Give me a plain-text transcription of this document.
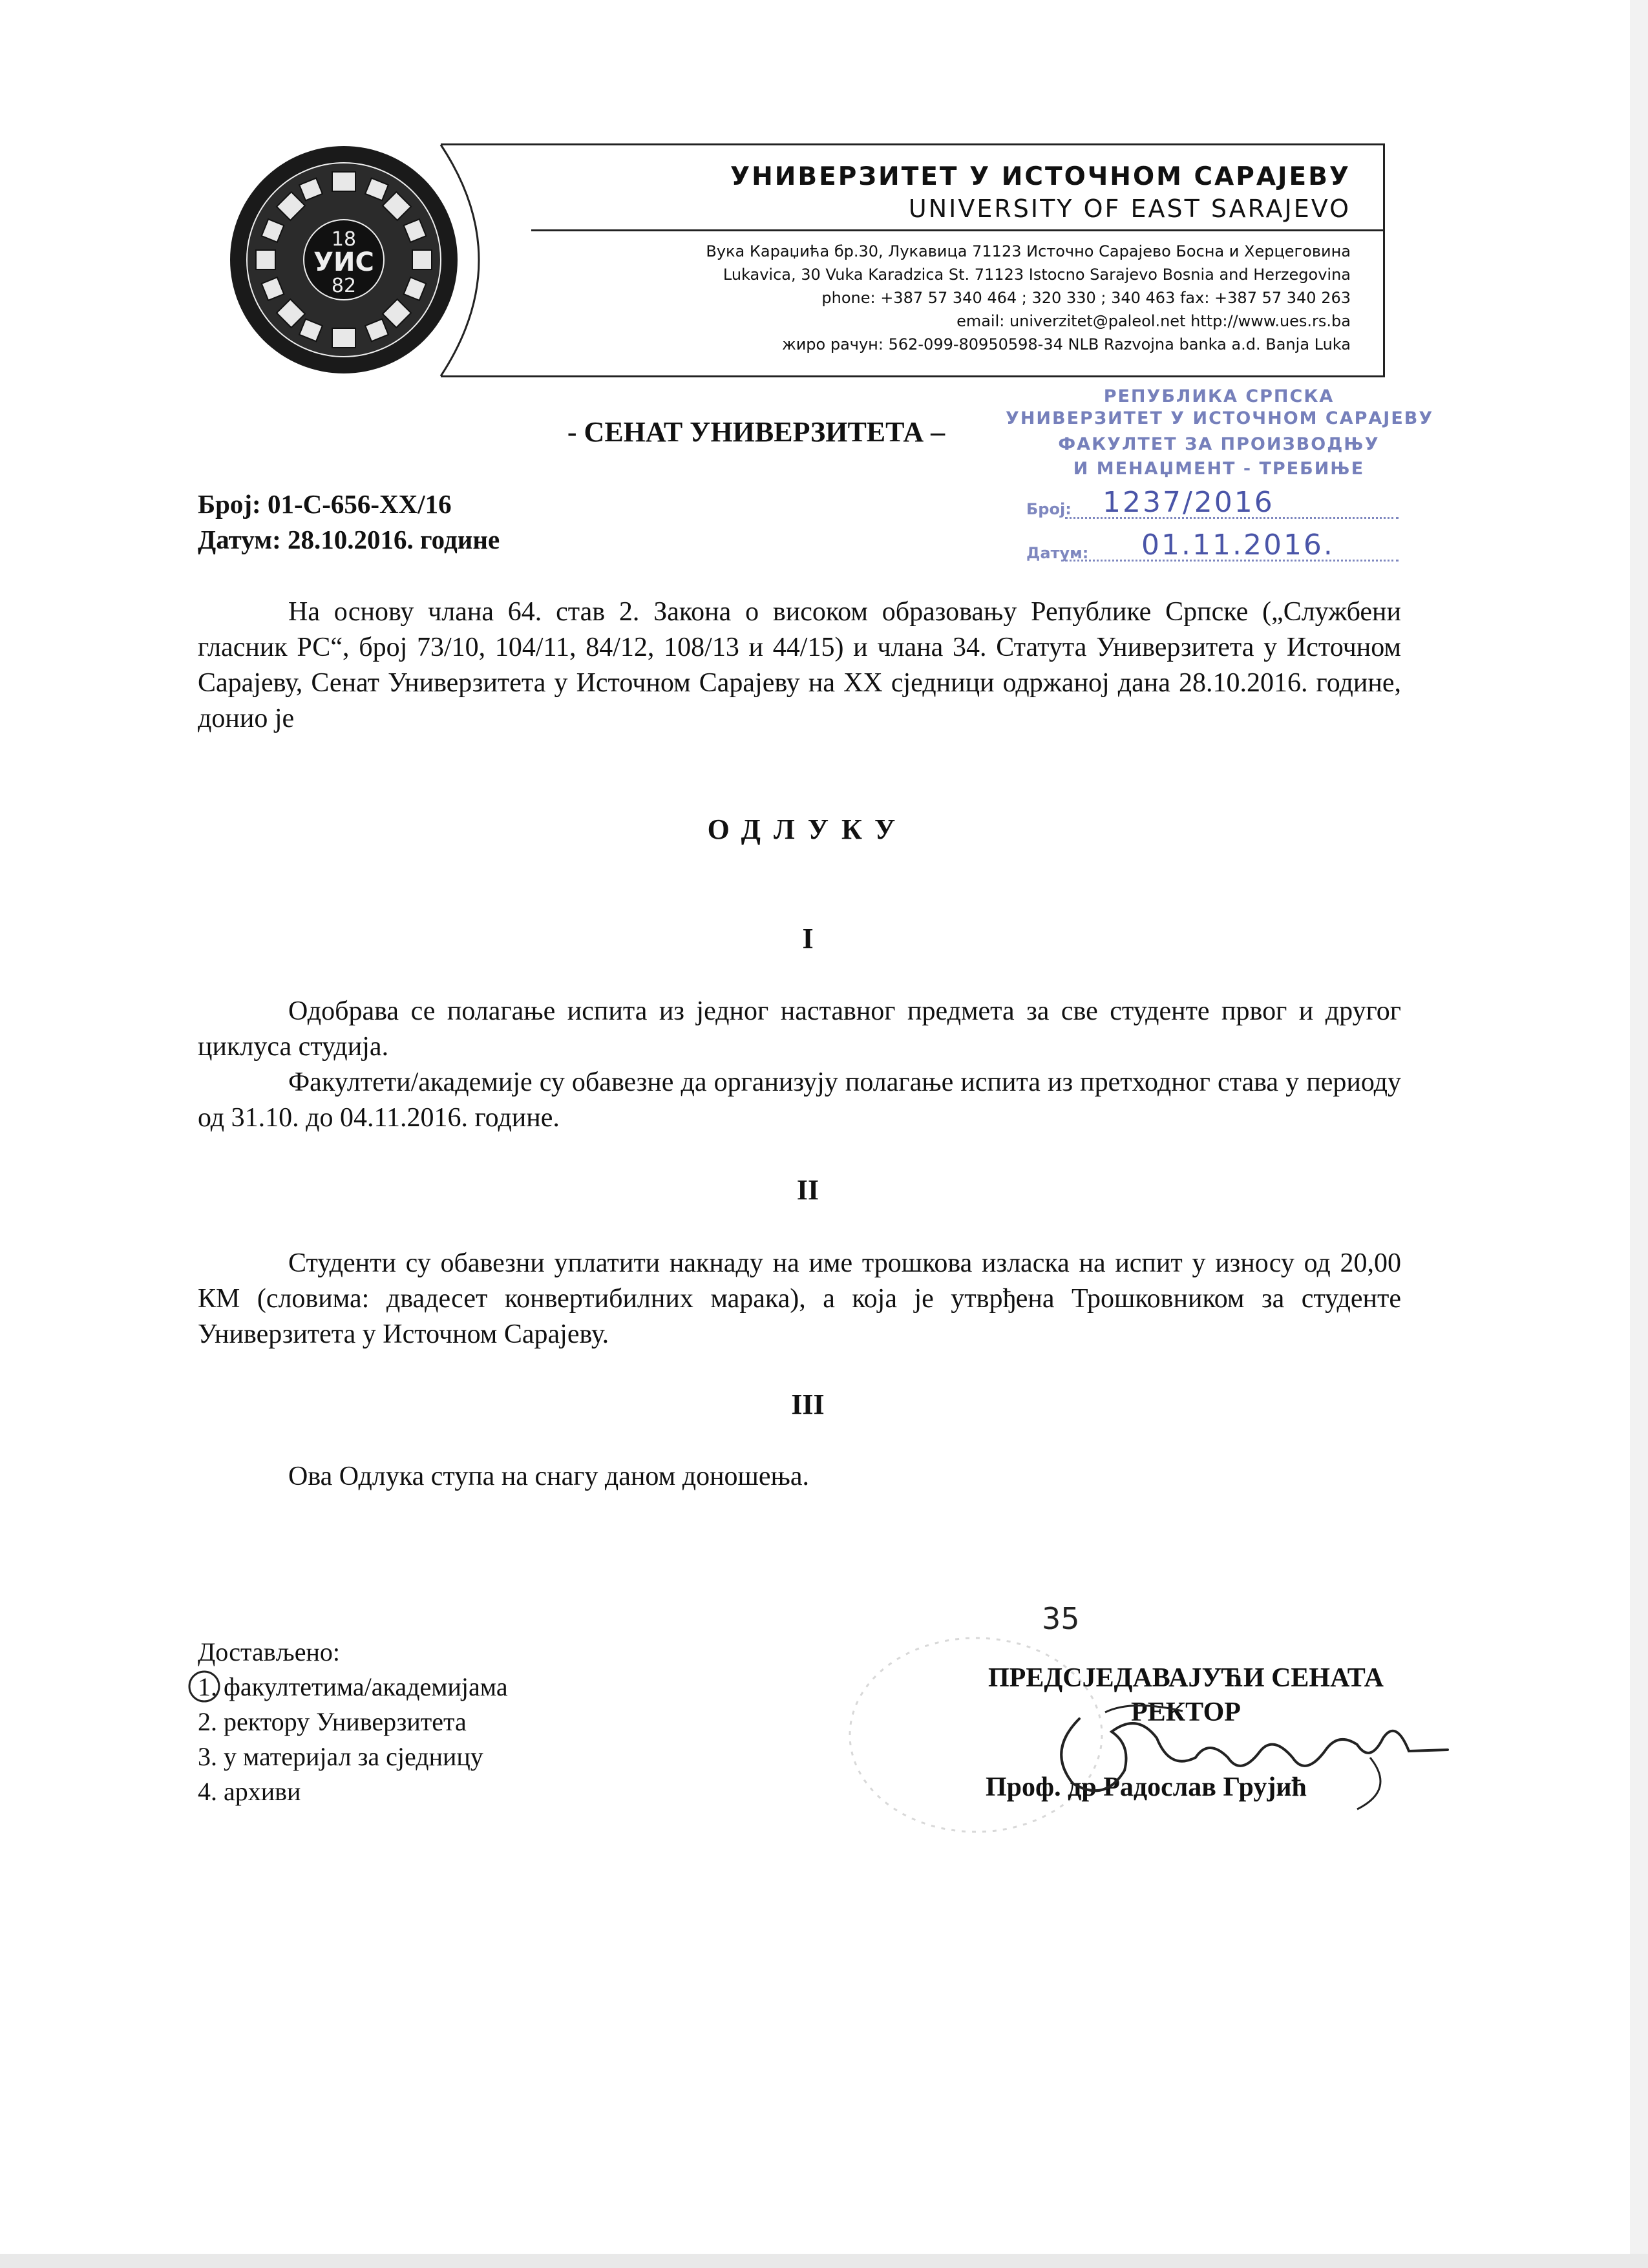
18
УИС
82
УНИВЕРЗИТЕТ У ИСТОЧНОМ САРАЈЕВУ
UNIVERSITY OF EAST SARAJEVO
Вука Караџића бр.30, Лукавица 71123 Источно Сарајево Босна и Херцеговина
Lukavica, 30 Vuka Karadzica St. 71123 Istocno Sarajevo Bosnia and Herzegovina
phone: +387 57 340 464 ; 320 330 ; 340 463 fax: +387 57 340 263
email: univerzitet@paleol.net http://www.ues.rs.ba
жиро рачун: 562-099-80950598-34 NLB Razvojna banka a.d. Banja Luka
РЕПУБЛИКА СРПСКА
УНИВЕРЗИТЕТ У ИСТОЧНОМ САРАЈЕВУ
ФАКУЛТЕТ ЗА ПРОИЗВОДЊУ
И МЕНАЏМЕНТ - ТРЕБИЊЕ
Број: 1237/2016
Датум: 01.11.2016.
- СЕНАТ УНИВЕРЗИТЕТА –
Број: 01-С-656-XX/16
Датум: 28.10.2016. године
На основу члана 64. став 2. Закона о високом образовању Републике Српске („Службени гласник РС“, број 73/10, 104/11, 84/12, 108/13 и 44/15) и члана 34. Статута Универзитета у Источном Сарајеву, Сенат Универзитета у Источном Сарајеву на XX сједници одржаној дана 28.10.2016. године, донио је
ОДЛУКУ
I
Одобрава се полагање испита из једног наставног предмета за све студенте првог и другог циклуса студија.
Факултети/академије су обавезне да организују полагање испита из претходног става у периоду од 31.10. до 04.11.2016. године.
II
Студенти су обавезни уплатити накнаду на име трошкова изласка на испит у износу од 20,00 КМ (словима: двадесет конвертибилних марака), а која је утврђена Трошковником за студенте Универзитета у Источном Сарајеву.
III
Ова Одлука ступа на снагу даном доношења.
Достављено:
1. факултетима/академијама
2. ректору Универзитета
3. у материјал за сједницу
4. архиви
35
ПРЕДСЈЕДАВАЈУЋИ СЕНАТА
РЕКТОР
Проф. др Радослав Грујић
